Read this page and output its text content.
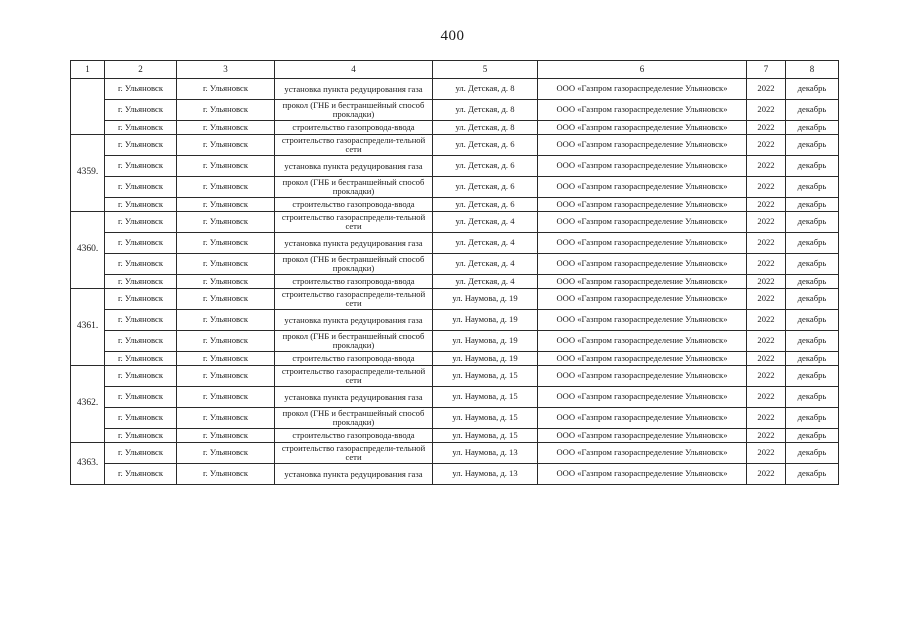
400
1	2	3	4	5	6	7	8
	г. Ульяновск	г. Ульяновск	установка пункта редуцирования газа	ул. Детская, д. 8	ООО «Газпром газораспределение Ульяновск»	2022	декабрь
	г. Ульяновск	г. Ульяновск	прокол (ГНБ и бестраншейный способ прокладки)	ул. Детская, д. 8	ООО «Газпром газораспределение Ульяновск»	2022	декабрь
	г. Ульяновск	г. Ульяновск	строительство газопровода-ввода	ул. Детская, д. 8	ООО «Газпром газораспределение Ульяновск»	2022	декабрь
4359.	г. Ульяновск	г. Ульяновск	строительство газораспредели-тельной сети	ул. Детская, д. 6	ООО «Газпром газораспределение Ульяновск»	2022	декабрь
	г. Ульяновск	г. Ульяновск	установка пункта редуцирования газа	ул. Детская, д. 6	ООО «Газпром газораспределение Ульяновск»	2022	декабрь
	г. Ульяновск	г. Ульяновск	прокол (ГНБ и бестраншейный способ прокладки)	ул. Детская, д. 6	ООО «Газпром газораспределение Ульяновск»	2022	декабрь
	г. Ульяновск	г. Ульяновск	строительство газопровода-ввода	ул. Детская, д. 6	ООО «Газпром газораспределение Ульяновск»	2022	декабрь
4360.	г. Ульяновск	г. Ульяновск	строительство газораспредели-тельной сети	ул. Детская, д. 4	ООО «Газпром газораспределение Ульяновск»	2022	декабрь
	г. Ульяновск	г. Ульяновск	установка пункта редуцирования газа	ул. Детская, д. 4	ООО «Газпром газораспределение Ульяновск»	2022	декабрь
	г. Ульяновск	г. Ульяновск	прокол (ГНБ и бестраншейный способ прокладки)	ул. Детская, д. 4	ООО «Газпром газораспределение Ульяновск»	2022	декабрь
	г. Ульяновск	г. Ульяновск	строительство газопровода-ввода	ул. Детская, д. 4	ООО «Газпром газораспределение Ульяновск»	2022	декабрь
4361.	г. Ульяновск	г. Ульяновск	строительство газораспредели-тельной сети	ул. Наумова, д. 19	ООО «Газпром газораспределение Ульяновск»	2022	декабрь
	г. Ульяновск	г. Ульяновск	установка пункта редуцирования газа	ул. Наумова, д. 19	ООО «Газпром газораспределение Ульяновск»	2022	декабрь
	г. Ульяновск	г. Ульяновск	прокол (ГНБ и бестраншейный способ прокладки)	ул. Наумова, д. 19	ООО «Газпром газораспределение Ульяновск»	2022	декабрь
	г. Ульяновск	г. Ульяновск	строительство газопровода-ввода	ул. Наумова, д. 19	ООО «Газпром газораспределение Ульяновск»	2022	декабрь
4362.	г. Ульяновск	г. Ульяновск	строительство газораспредели-тельной сети	ул. Наумова, д. 15	ООО «Газпром газораспределение Ульяновск»	2022	декабрь
	г. Ульяновск	г. Ульяновск	установка пункта редуцирования газа	ул. Наумова, д. 15	ООО «Газпром газораспределение Ульяновск»	2022	декабрь
	г. Ульяновск	г. Ульяновск	прокол (ГНБ и бестраншейный способ прокладки)	ул. Наумова, д. 15	ООО «Газпром газораспределение Ульяновск»	2022	декабрь
	г. Ульяновск	г. Ульяновск	строительство газопровода-ввода	ул. Наумова, д. 15	ООО «Газпром газораспределение Ульяновск»	2022	декабрь
4363.	г. Ульяновск	г. Ульяновск	строительство газораспредели-тельной сети	ул. Наумова, д. 13	ООО «Газпром газораспределение Ульяновск»	2022	декабрь
	г. Ульяновск	г. Ульяновск	установка пункта редуцирования газа	ул. Наумова, д. 13	ООО «Газпром газораспределение Ульяновск»	2022	декабрь
